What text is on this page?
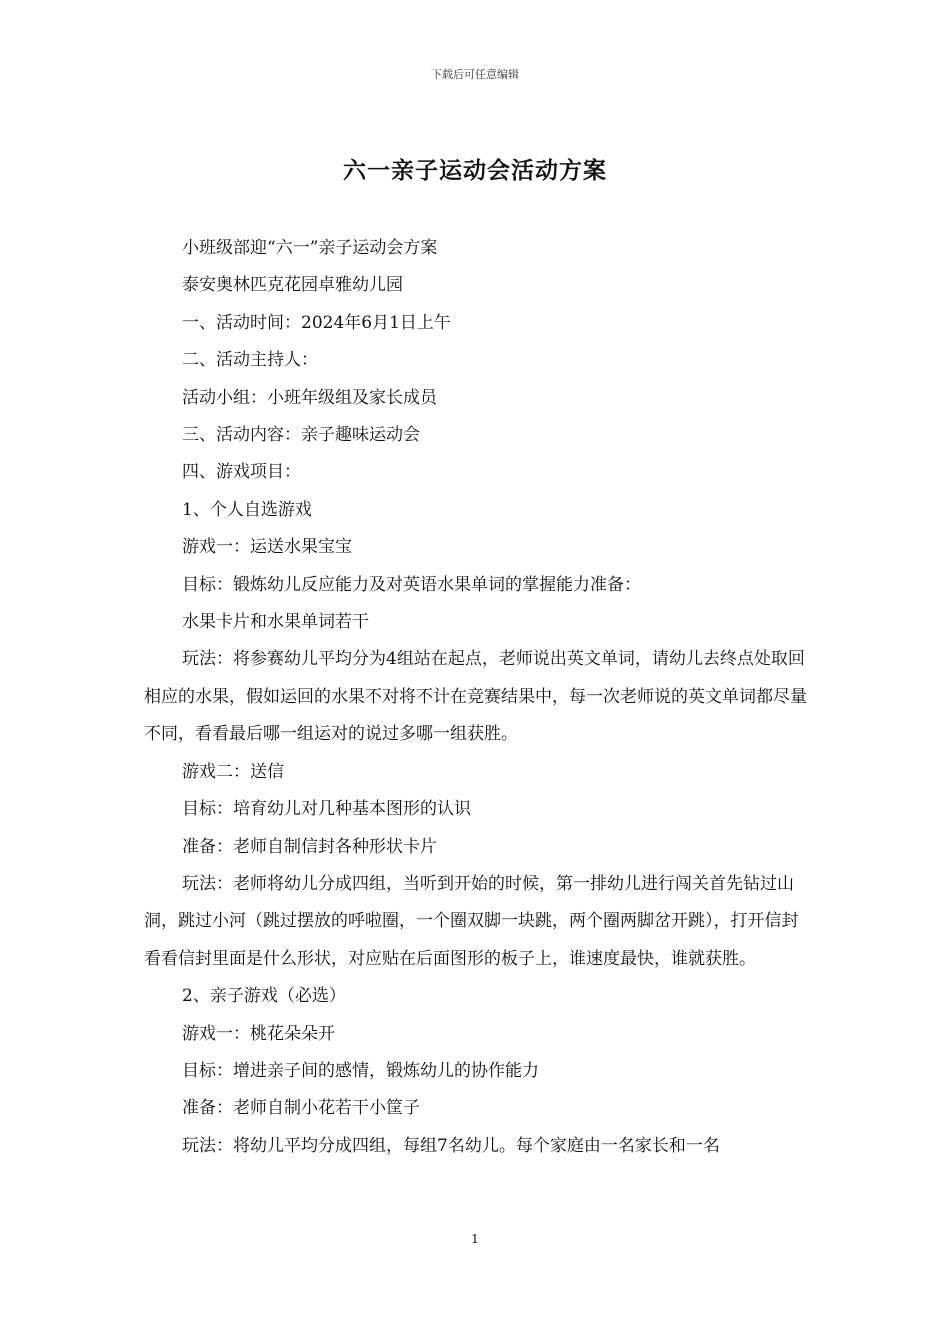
下载后可任意编辑
六一亲子运动会活动方案

小班级部迎“六一”亲子运动会方案

泰安奥林匹克花园卓雅幼儿园

一、活动时间：2024年6月1日上午

二、活动主持人：

活动小组：小班年级组及家长成员

三、活动内容：亲子趣味运动会

四、游戏项目：

1、个人自选游戏

游戏一：运送水果宝宝

目标：锻炼幼儿反应能力及对英语水果单词的掌握能力准备：

水果卡片和水果单词若干

玩法：将参赛幼儿平均分为4组站在起点，老师说出英文单词，请幼儿去终点处取回相应的水果，假如运回的水果不对将不计在竞赛结果中，每一次老师说的英文单词都尽量不同，看看最后哪一组运对的说过多哪一组获胜。

游戏二：送信

目标：培育幼儿对几种基本图形的认识

准备：老师自制信封各种形状卡片

玩法：老师将幼儿分成四组，当听到开始的时候，第一排幼儿进行闯关首先钻过山洞，跳过小河（跳过摆放的呼啦圈，一个圈双脚一块跳，两个圈两脚岔开跳），打开信封看看信封里面是什么形状，对应贴在后面图形的板子上，谁速度最快，谁就获胜。

2、亲子游戏（必选）

游戏一：桃花朵朵开

目标：增进亲子间的感情，锻炼幼儿的协作能力

准备：老师自制小花若干小筐子

玩法：将幼儿平均分成四组，每组7名幼儿。每个家庭由一名家长和一名

1
